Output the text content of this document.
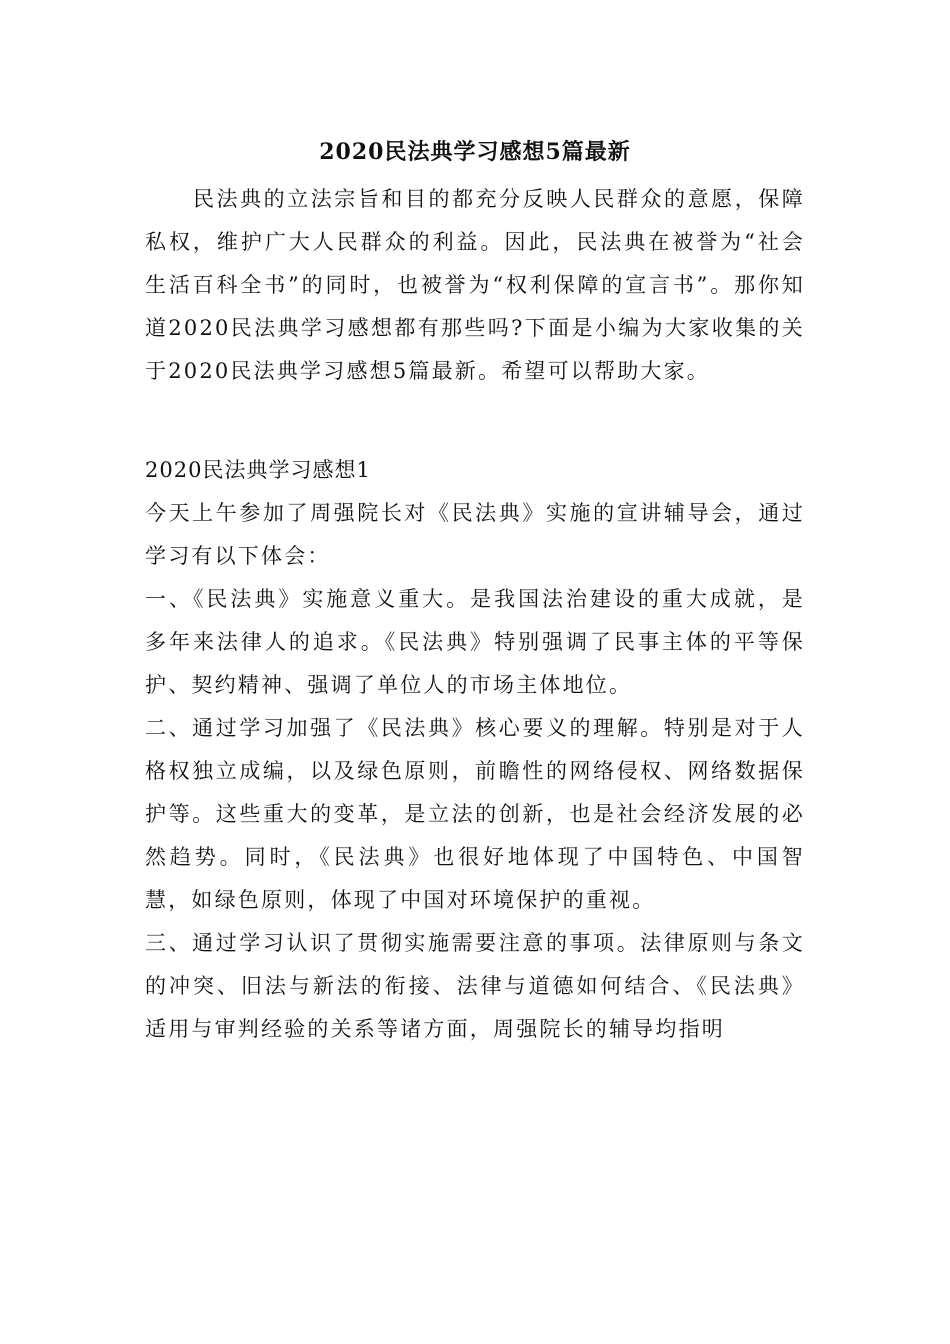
2020民法典学习感想5篇最新

民法典的立法宗旨和目的都充分反映人民群众的意愿，保障私权，维护广大人民群众的利益。因此，民法典在被誉为“社会生活百科全书”的同时，也被誉为“权利保障的宣言书”。那你知道2020民法典学习感想都有那些吗?下面是小编为大家收集的关于2020民法典学习感想5篇最新。希望可以帮助大家。

2020民法典学习感想1

今天上午参加了周强院长对《民法典》实施的宣讲辅导会，通过学习有以下体会：

一、《民法典》实施意义重大。是我国法治建设的重大成就，是多年来法律人的追求。《民法典》特别强调了民事主体的平等保护、契约精神、强调了单位人的市场主体地位。

二、通过学习加强了《民法典》核心要义的理解。特别是对于人格权独立成编，以及绿色原则，前瞻性的网络侵权、网络数据保护等。这些重大的变革，是立法的创新，也是社会经济发展的必然趋势。同时，《民法典》也很好地体现了中国特色、中国智慧，如绿色原则，体现了中国对环境保护的重视。

三、通过学习认识了贯彻实施需要注意的事项。法律原则与条文的冲突、旧法与新法的衔接、法律与道德如何结合、《民法典》适用与审判经验的关系等诸方面，周强院长的辅导均指明
